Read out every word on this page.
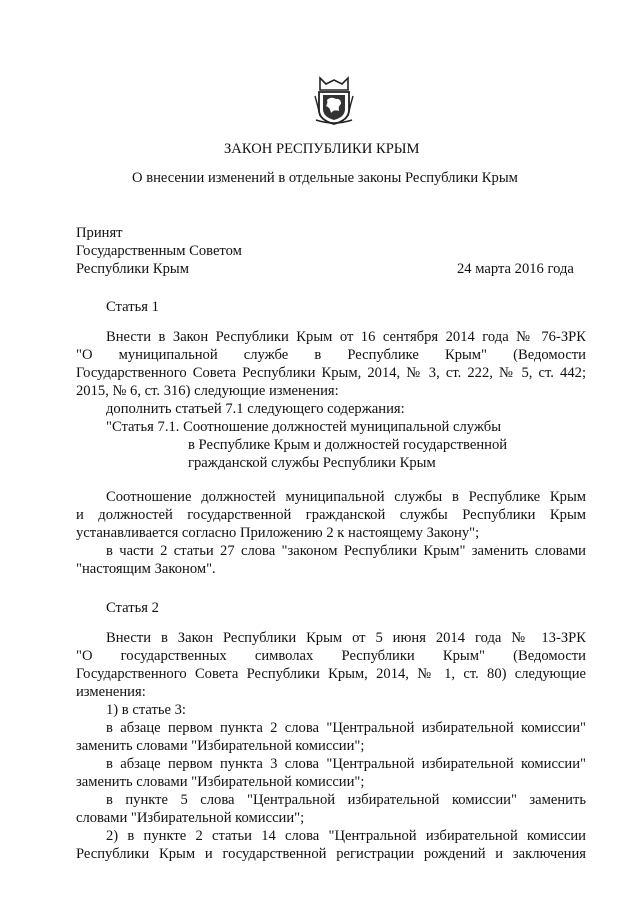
ЗАКОН РЕСПУБЛИКИ КРЫМ
О внесении изменений в отдельные законы Республики Крым
Принят
Государственным Советом
Республики Крым	24 марта 2016 года
Статья 1
Внести в Закон Республики Крым от 16 сентября 2014 года № 76-ЗРК
"О муниципальной службе в Республике Крым" (Ведомости
Государственного Совета Республики Крым, 2014, № 3, ст. 222, № 5, ст. 442;
2015, № 6, ст. 316) следующие изменения:
дополнить статьей 7.1 следующего содержания:
"Статья 7.1. Соотношение должностей муниципальной службы
в Республике Крым и должностей государственной
гражданской службы Республики Крым
Соотношение должностей муниципальной службы в Республике Крым
и должностей государственной гражданской службы Республики Крым
устанавливается согласно Приложению 2 к настоящему Закону";
в части 2 статьи 27 слова "законом Республики Крым" заменить словами
"настоящим Законом".
Статья 2
Внести в Закон Республики Крым от 5 июня 2014 года № 13-ЗРК
"О государственных символах Республики Крым" (Ведомости
Государственного Совета Республики Крым, 2014, № 1, ст. 80) следующие
изменения:
1) в статье 3:
в абзаце первом пункта 2 слова "Центральной избирательной комиссии"
заменить словами "Избирательной комиссии";
в абзаце первом пункта 3 слова "Центральной избирательной комиссии"
заменить словами "Избирательной комиссии";
в пункте 5 слова "Центральной избирательной комиссии" заменить
словами "Избирательной комиссии";
2) в пункте 2 статьи 14 слова "Центральной избирательной комиссии
Республики Крым и государственной регистрации рождений и заключения
